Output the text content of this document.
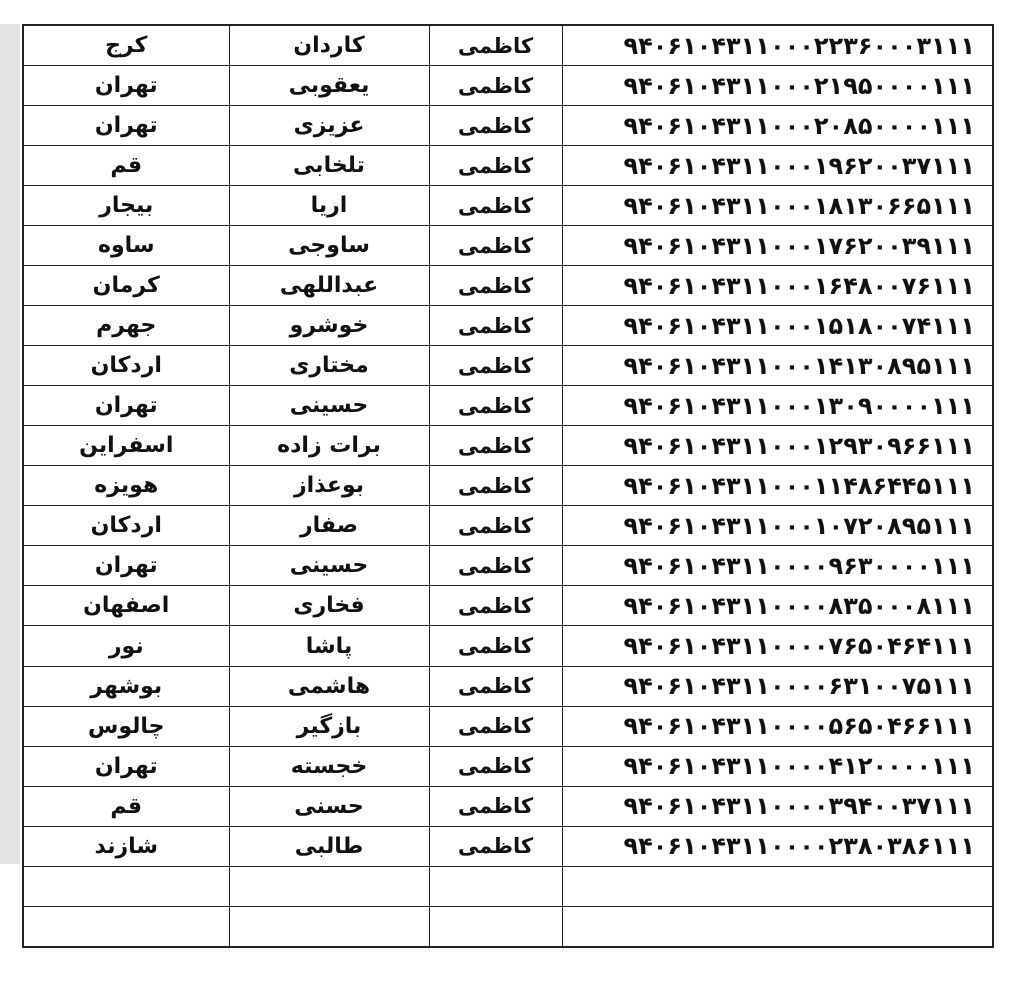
کرج	کاردان	کاظمی	۹۴۰۶۱۰۴۳۱۱۰۰۰۲۲۳۶۰۰۰۳۱۱۱

تهران	یعقوبی	کاظمی	۹۴۰۶۱۰۴۳۱۱۰۰۰۲۱۹۵۰۰۰۰۱۱۱

تهران	عزیزی	کاظمی	۹۴۰۶۱۰۴۳۱۱۰۰۰۲۰۸۵۰۰۰۰۱۱۱

قم	تلخابی	کاظمی	۹۴۰۶۱۰۴۳۱۱۰۰۰۱۹۶۲۰۰۳۷۱۱۱

بیجار	اریا	کاظمی	۹۴۰۶۱۰۴۳۱۱۰۰۰۱۸۱۳۰۶۶۵۱۱۱

ساوه	ساوجی	کاظمی	۹۴۰۶۱۰۴۳۱۱۰۰۰۱۷۶۲۰۰۳۹۱۱۱

کرمان	عبداللهی	کاظمی	۹۴۰۶۱۰۴۳۱۱۰۰۰۱۶۴۸۰۰۷۶۱۱۱

جهرم	خوشرو	کاظمی	۹۴۰۶۱۰۴۳۱۱۰۰۰۱۵۱۸۰۰۷۴۱۱۱

اردکان	مختاری	کاظمی	۹۴۰۶۱۰۴۳۱۱۰۰۰۱۴۱۳۰۸۹۵۱۱۱

تهران	حسینی	کاظمی	۹۴۰۶۱۰۴۳۱۱۰۰۰۱۳۰۹۰۰۰۰۱۱۱

اسفراین	برات زاده	کاظمی	۹۴۰۶۱۰۴۳۱۱۰۰۰۱۲۹۳۰۹۶۶۱۱۱

هویزه	بوعذاز	کاظمی	۹۴۰۶۱۰۴۳۱۱۰۰۰۱۱۴۸۶۴۴۵۱۱۱

اردکان	صفار	کاظمی	۹۴۰۶۱۰۴۳۱۱۰۰۰۱۰۷۲۰۸۹۵۱۱۱

تهران	حسینی	کاظمی	۹۴۰۶۱۰۴۳۱۱۰۰۰۰۹۶۳۰۰۰۰۱۱۱

اصفهان	فخاری	کاظمی	۹۴۰۶۱۰۴۳۱۱۰۰۰۰۸۳۵۰۰۰۸۱۱۱

نور	پاشا	کاظمی	۹۴۰۶۱۰۴۳۱۱۰۰۰۰۷۶۵۰۴۶۴۱۱۱

بوشهر	هاشمی	کاظمی	۹۴۰۶۱۰۴۳۱۱۰۰۰۰۶۳۱۰۰۷۵۱۱۱

چالوس	بازگیر	کاظمی	۹۴۰۶۱۰۴۳۱۱۰۰۰۰۵۶۵۰۴۶۶۱۱۱

تهران	خجسته	کاظمی	۹۴۰۶۱۰۴۳۱۱۰۰۰۰۴۱۲۰۰۰۰۱۱۱

قم	حسنی	کاظمی	۹۴۰۶۱۰۴۳۱۱۰۰۰۰۳۹۴۰۰۳۷۱۱۱

شازند	طالبی	کاظمی	۹۴۰۶۱۰۴۳۱۱۰۰۰۰۲۳۸۰۳۸۶۱۱۱
